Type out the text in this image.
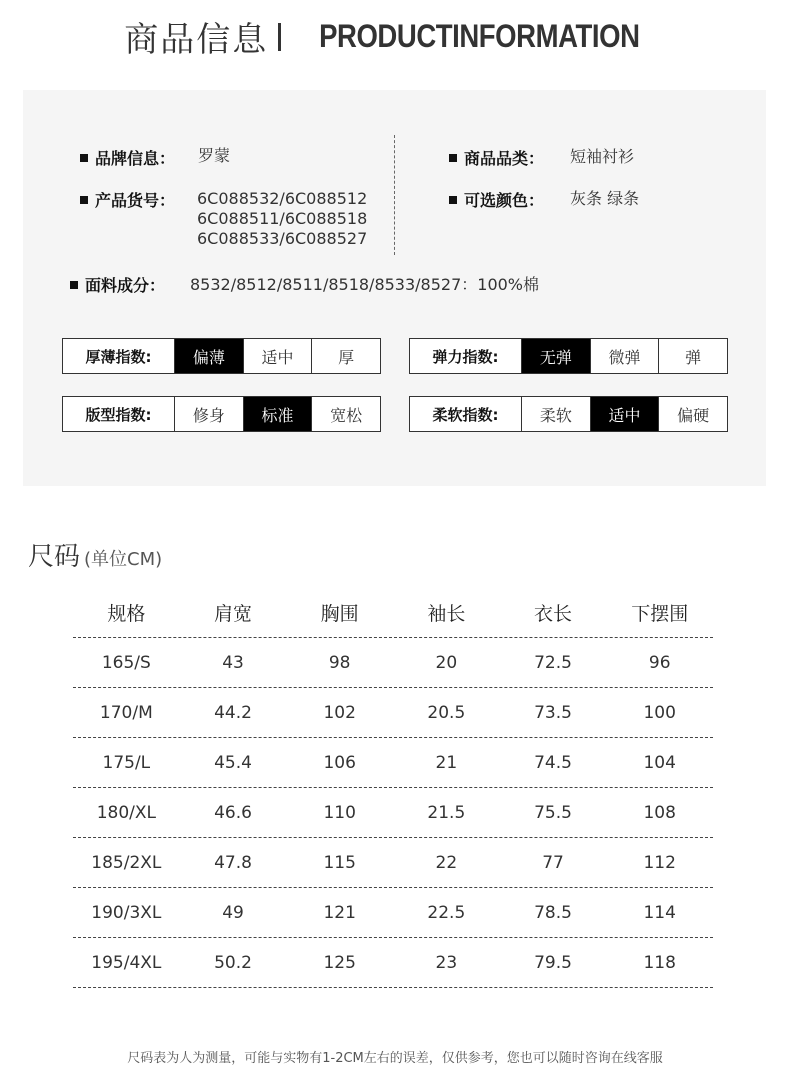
商品信息 PRODUCTINFORMATION
品牌信息： 罗蒙
产品货号： 6C088532/6C088512
6C088511/6C088518
6C088533/6C088527
商品品类： 短袖衬衫
可选颜色： 灰条 绿条
面料成分： 8532/8512/8511/8518/8533/8527：100%棉
厚薄指数:	偏薄	适中	厚	弹力指数:	无弹	微弹	弹
版型指数:	修身	标准	宽松	柔软指数:	柔软	适中	偏硬
尺码 (单位CM)
规格	肩宽	胸围	袖长	衣长	下摆围
165/S	43	98	20	72.5	96
170/M	44.2	102	20.5	73.5	100
175/L	45.4	106	21	74.5	104
180/XL	46.6	110	21.5	75.5	108
185/2XL	47.8	115	22	77	112
190/3XL	49	121	22.5	78.5	114
195/4XL	50.2	125	23	79.5	118
尺码表为人为测量，可能与实物有1-2CM左右的误差，仅供参考，您也可以随时咨询在线客服
